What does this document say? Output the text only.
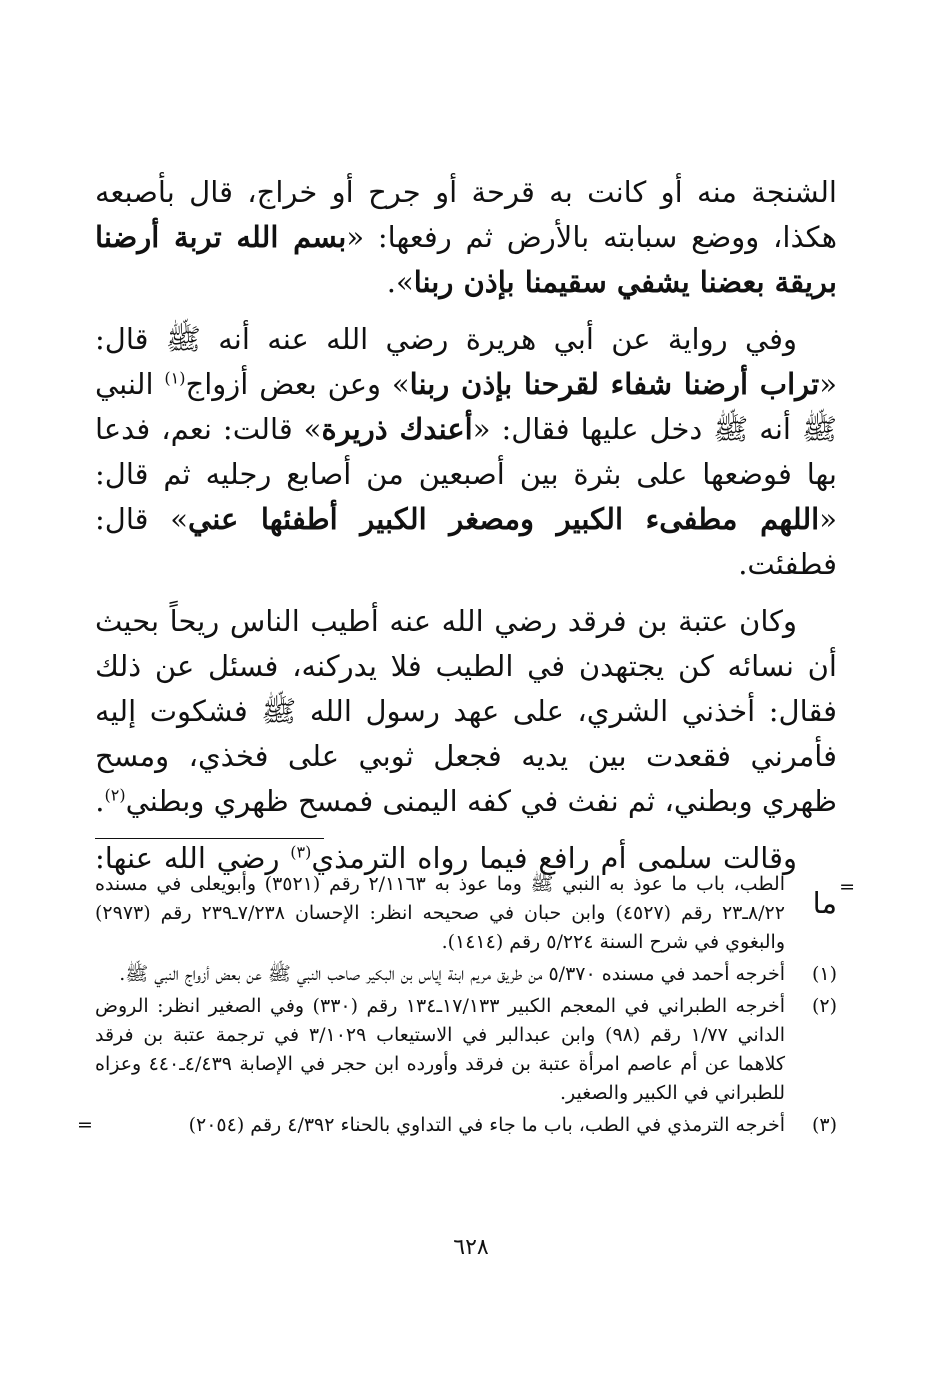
الشنجة منه أو كانت به قرحة أو جرح أو خراج، قال بأصبعه هكذا، ووضع سبابته بالأرض ثم رفعها: «بسم الله تربة أرضنا بريقة بعضنا يشفي سقيمنا بإذن ربنا».

وفي رواية عن أبي هريرة رضي الله عنه أنه ﷺ قال: «تراب أرضنا شفاء لقرحنا بإذن ربنا» وعن بعض أزواج$^{(١)}$ النبي ﷺ أنه ﷺ دخل عليها فقال: «أعندك ذريرة» قالت: نعم، فدعا بها فوضعها على بثرة بين أصبعين من أصابع رجليه ثم قال: «اللهم مطفىء الكبير ومصغر الكبير أطفئها عني» قال: فطفئت.

وكان عتبة بن فرقد رضي الله عنه أطيب الناس ريحاً بحيث أن نسائه كن يجتهدن في الطيب فلا يدركنه، فسئل عن ذلك فقال: أخذني الشري، على عهد رسول الله ﷺ فشكوت إليه فأمرني فقعدت بين يديه فجعل ثوبي على فخذي، ومسح ظهري وبطني، ثم نفث في كفه اليمنى فمسح ظهري وبطني$^{(٢)}$.

وقالت سلمى أم رافع فيما رواه الترمذي$^{(٣)}$ رضي الله عنها: ما =
الطب، باب ما عوذ به النبي ﷺ وما عوذ به ٢/١١٦٣ رقم (٣٥٢١) وأبويعلى في مسنده ٨/٢٢ـ٢٣ رقم (٤٥٢٧) وابن حبان في صحيحه انظر: الإحسان ٧/٢٣٨ـ٢٣٩ رقم (٢٩٧٣) والبغوي في شرح السنة ٥/٢٢٤ رقم (١٤١٤).
(١)
أخرجه أحمد في مسنده ٥/٣٧٠ من طريق مريم ابنة إياس بن البكير صاحب النبي ﷺ عن بعض أزواج النبي ﷺ.
(٢)
أخرجه الطبراني في المعجم الكبير ١٧/١٣٣ـ١٣٤ رقم (٣٣٠) وفي الصغير انظر: الروض الداني ١/٧٧ رقم (٩٨) وابن عبدالبر في الاستيعاب ٣/١٠٢٩ في ترجمة عتبة بن فرقد كلاهما عن أم عاصم امرأة عتبة بن فرقد وأورده ابن حجر في الإصابة ٤/٤٣٩ـ٤٤٠ وعزاه للطبراني في الكبير والصغير.
(٣)
أخرجه الترمذي في الطب، باب ما جاء في التداوي بالحناء ٤/٣٩٢ رقم (٢٠٥٤)
=
٦٢٨
